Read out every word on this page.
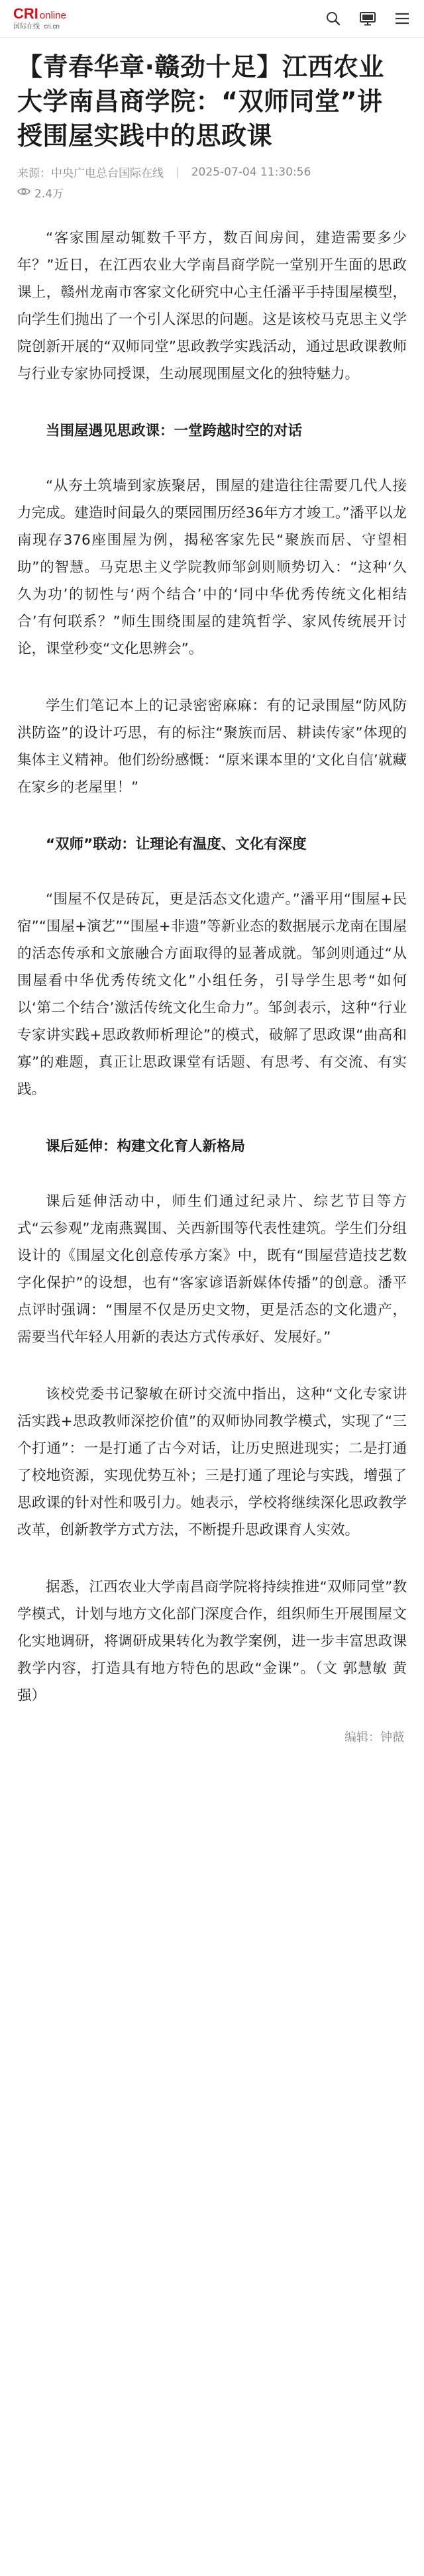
CRI online
国际在线 cri.cn
【青春华章·赣劲十足】江西农业大学南昌商学院：“双师同堂”讲授围屋实践中的思政课
来源：中央广电总台国际在线 | 2025-07-04 11:30:56
2.4万

“客家围屋动辄数千平方，数百间房间，建造需要多少年？”近日，在江西农业大学南昌商学院一堂别开生面的思政课上，赣州龙南市客家文化研究中心主任潘平手持围屋模型，向学生们抛出了一个引人深思的问题。这是该校马克思主义学院创新开展的“双师同堂”思政教学实践活动，通过思政课教师与行业专家协同授课，生动展现围屋文化的独特魅力。

当围屋遇见思政课：一堂跨越时空的对话

“从夯土筑墙到家族聚居，围屋的建造往往需要几代人接力完成。建造时间最久的栗园围历经36年方才竣工。”潘平以龙南现存376座围屋为例，揭秘客家先民“聚族而居、守望相助”的智慧。马克思主义学院教师邹剑则顺势切入：“这种‘久久为功’的韧性与‘两个结合’中的‘同中华优秀传统文化相结合’有何联系？”师生围绕围屋的建筑哲学、家风传统展开讨论，课堂秒变“文化思辨会”。

学生们笔记本上的记录密密麻麻：有的记录围屋“防风防洪防盗”的设计巧思，有的标注“聚族而居、耕读传家”体现的集体主义精神。他们纷纷感慨：“原来课本里的‘文化自信’就藏在家乡的老屋里！”

“双师”联动：让理论有温度、文化有深度

“围屋不仅是砖瓦，更是活态文化遗产。”潘平用“围屋+民宿”“围屋+演艺”“围屋+非遗”等新业态的数据展示龙南在围屋的活态传承和文旅融合方面取得的显著成就。邹剑则通过“从围屋看中华优秀传统文化”小组任务，引导学生思考“如何以‘第二个结合’激活传统文化生命力”。邹剑表示，这种“行业专家讲实践+思政教师析理论”的模式，破解了思政课“曲高和寡”的难题，真正让思政课堂有话题、有思考、有交流、有实践。

课后延伸：构建文化育人新格局

课后延伸活动中，师生们通过纪录片、综艺节目等方式“云参观”龙南燕翼围、关西新围等代表性建筑。学生们分组设计的《围屋文化创意传承方案》中，既有“围屋营造技艺数字化保护”的设想，也有“客家谚语新媒体传播”的创意。潘平点评时强调：“围屋不仅是历史文物，更是活态的文化遗产，需要当代年轻人用新的表达方式传承好、发展好。”

该校党委书记黎敏在研讨交流中指出，这种“文化专家讲活实践+思政教师深挖价值”的双师协同教学模式，实现了“三个打通”：一是打通了古今对话，让历史照进现实；二是打通了校地资源，实现优势互补；三是打通了理论与实践，增强了思政课的针对性和吸引力。她表示，学校将继续深化思政教学改革，创新教学方式方法，不断提升思政课育人实效。

据悉，江西农业大学南昌商学院将持续推进“双师同堂”教学模式，计划与地方文化部门深度合作，组织师生开展围屋文化实地调研，将调研成果转化为教学案例，进一步丰富思政课教学内容，打造具有地方特色的思政“金课”。（文 郭慧敏 黄强）

编辑：钟薇
